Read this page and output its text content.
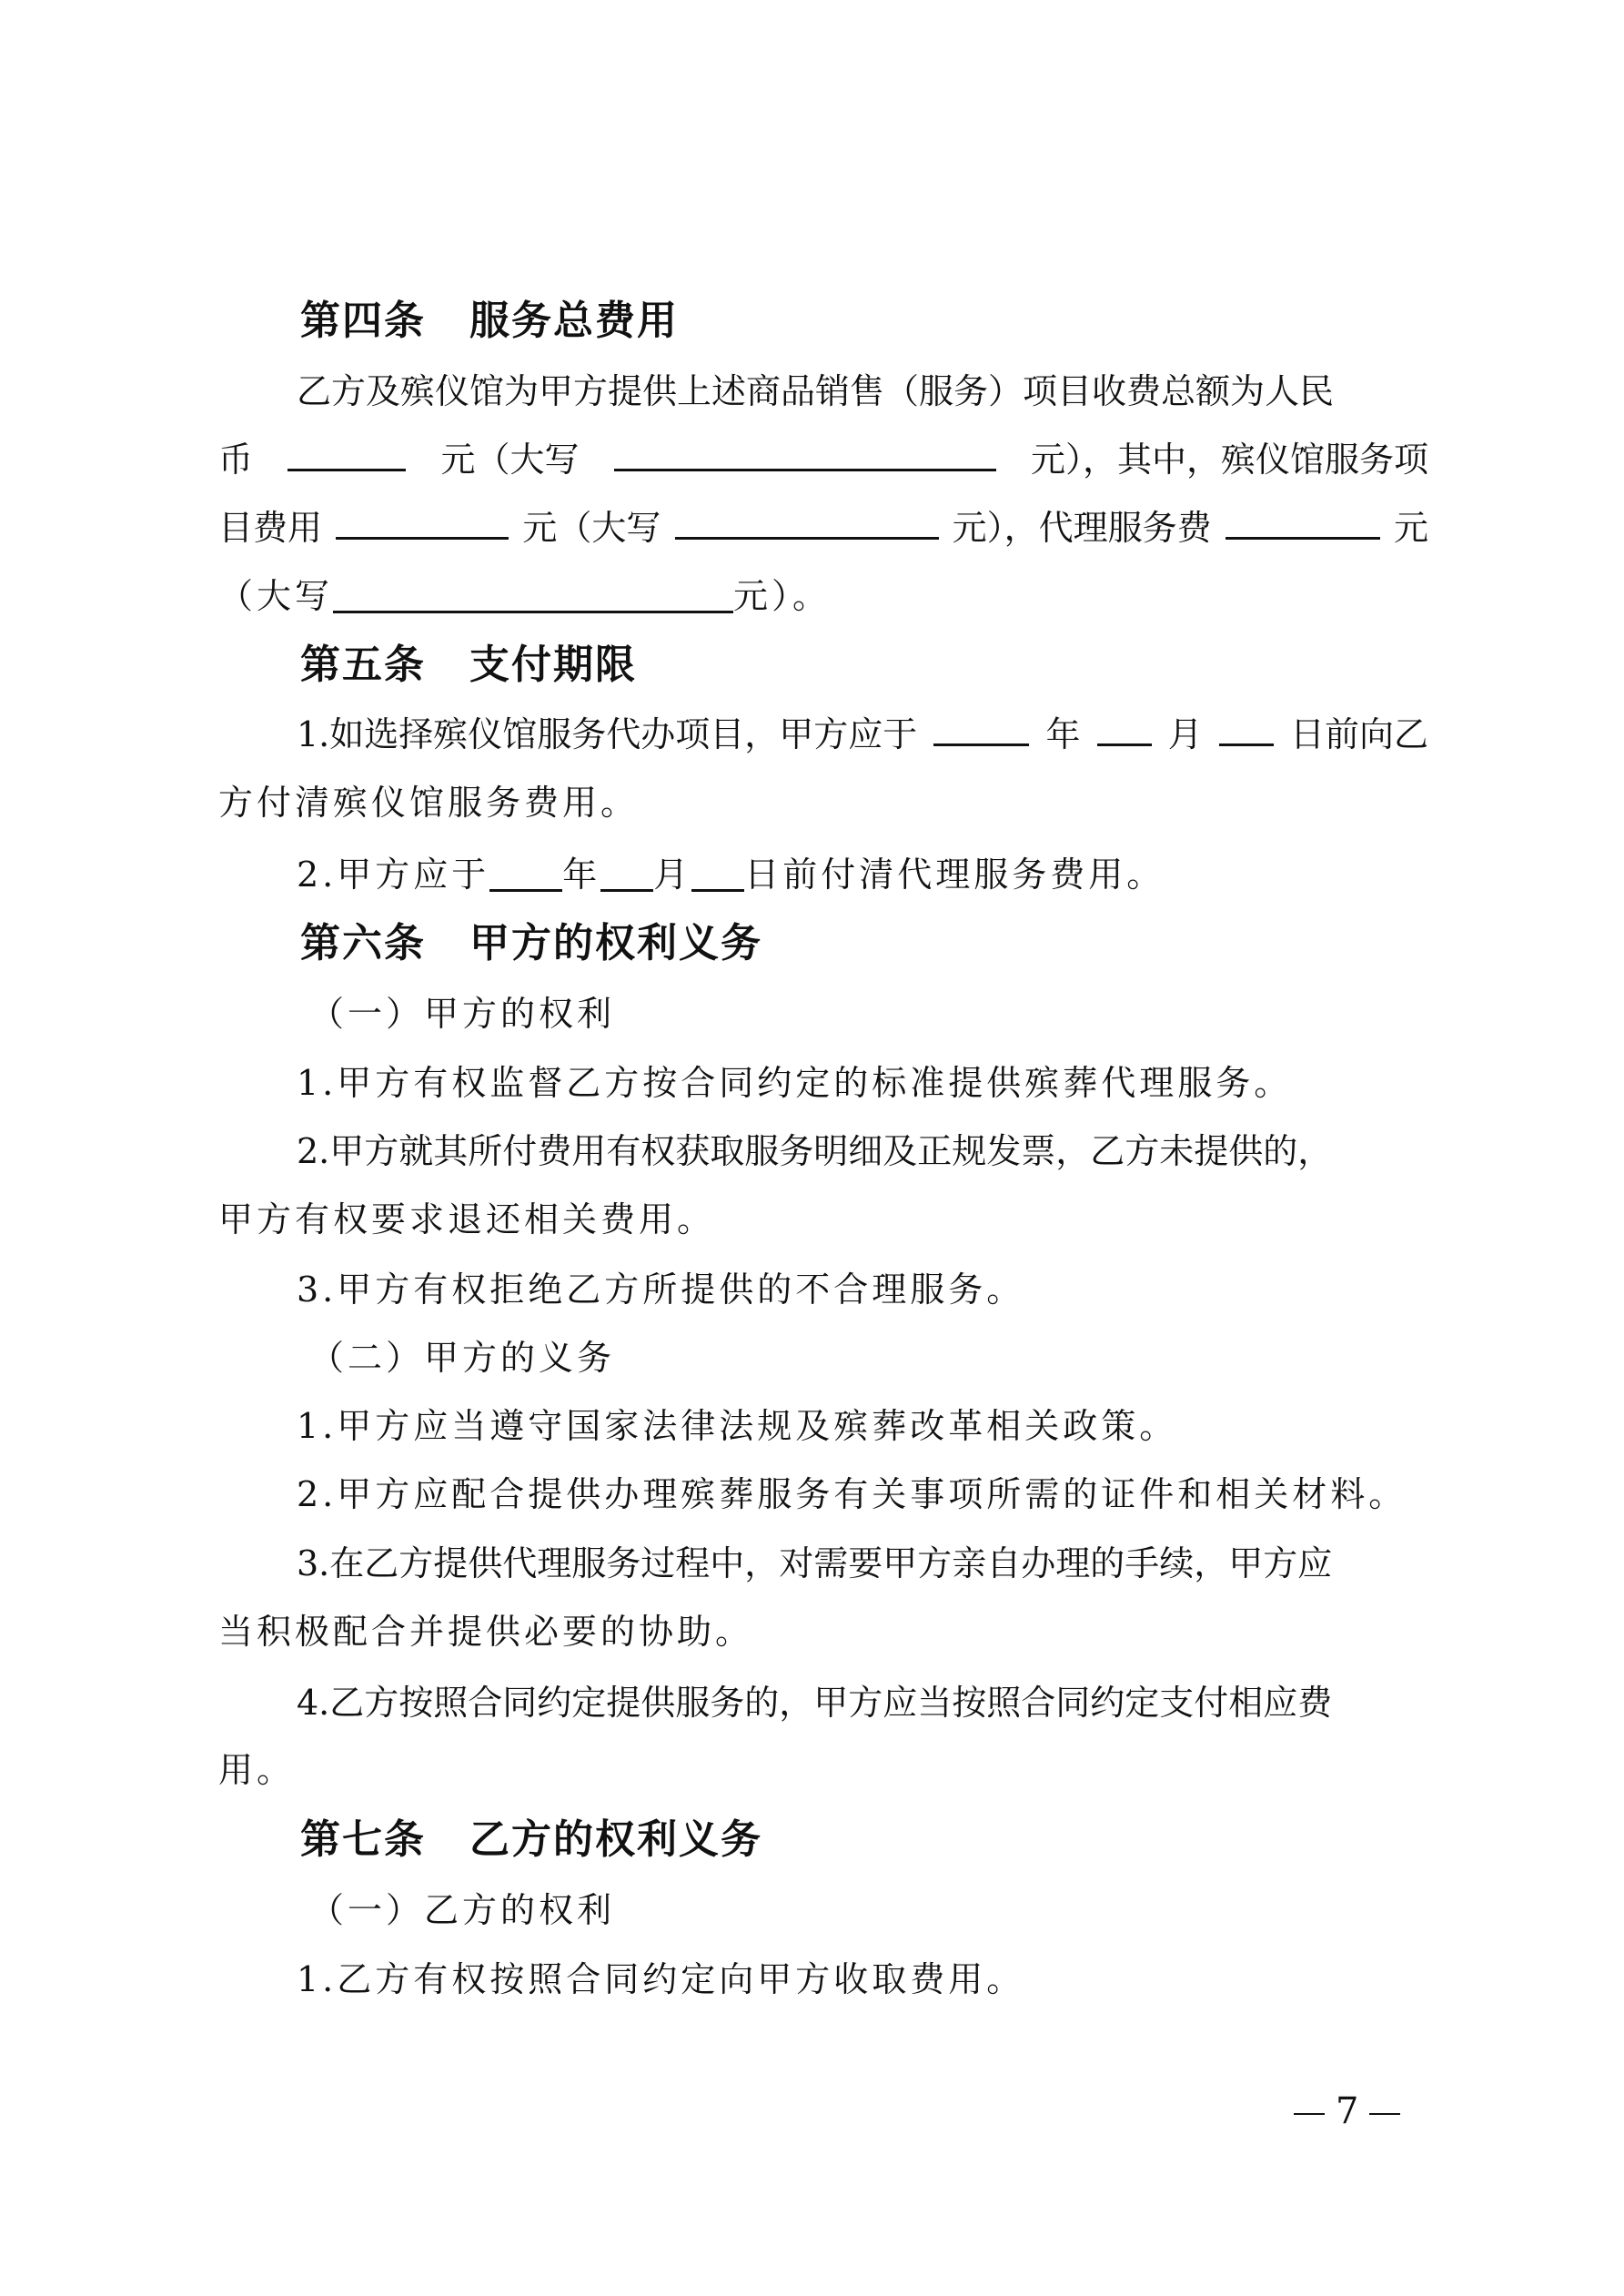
第四条 服务总费用
乙方及殡仪馆为甲方提供上述商品销售（服务）项目收费总额为人民
币	元（大写	元），其中，殡仪馆服务项
目费用	元（大写	元），代理服务费	元
（大写	元）。
第五条 支付期限
1.如选择殡仪馆服务代办项目，甲方应于	年	月	日前向乙
方付清殡仪馆服务费用。
2.甲方应于 年 月 日前付清代理服务费用。
第六条 甲方的权利义务
（一）甲方的权利
1.甲方有权监督乙方按合同约定的标准提供殡葬代理服务。
2.甲方就其所付费用有权获取服务明细及正规发票，乙方未提供的，
甲方有权要求退还相关费用。
3.甲方有权拒绝乙方所提供的不合理服务。
（二）甲方的义务
1.甲方应当遵守国家法律法规及殡葬改革相关政策。
2.甲方应配合提供办理殡葬服务有关事项所需的证件和相关材料。
3.在乙方提供代理服务过程中，对需要甲方亲自办理的手续，甲方应
当积极配合并提供必要的协助。
4.乙方按照合同约定提供服务的，甲方应当按照合同约定支付相应费
用。
第七条 乙方的权利义务
（一）乙方的权利
1.乙方有权按照合同约定向甲方收取费用。
7
